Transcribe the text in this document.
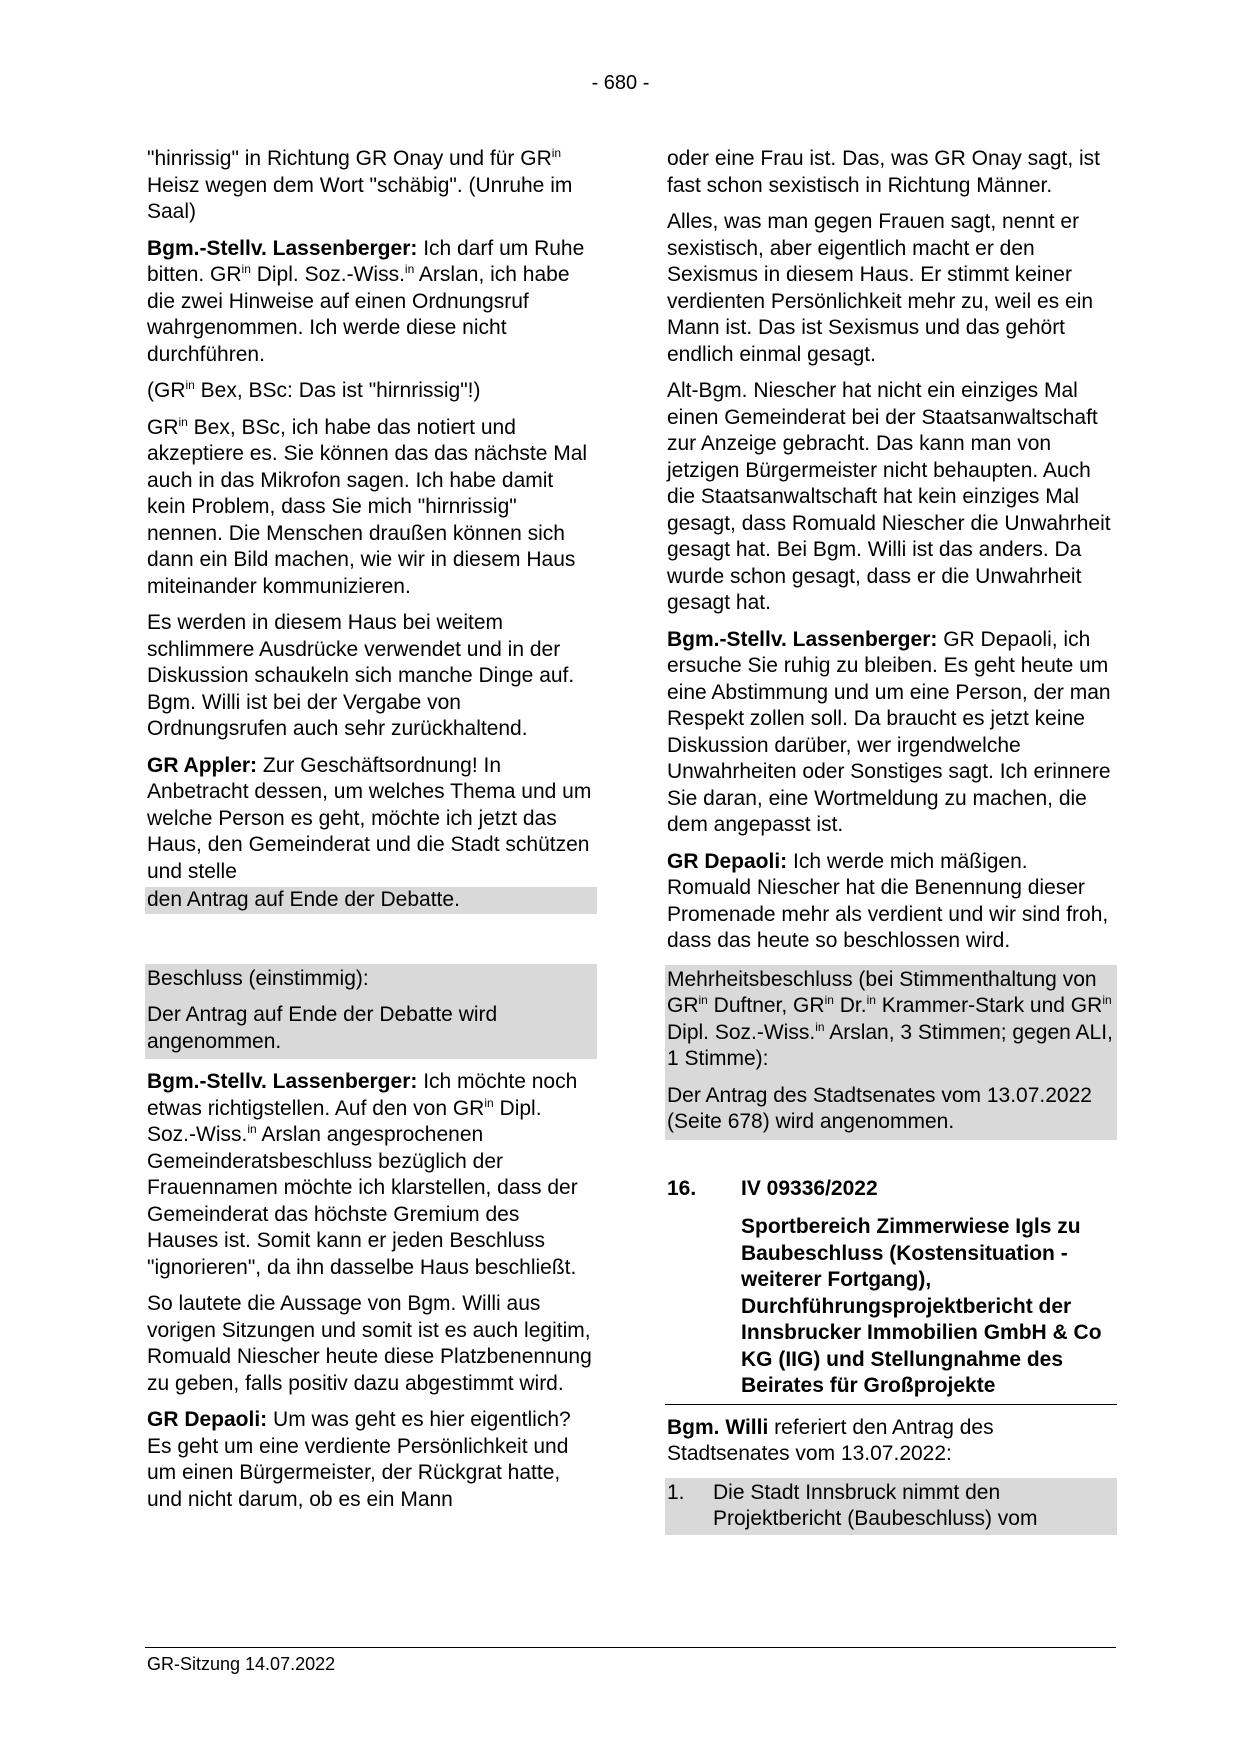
- 680 -

"hinrissig" in Richtung GR Onay und für $GR^{in}$ Heisz wegen dem Wort "schäbig". (Unruhe im Saal)

Bgm.-Stellv. Lassenberger: Ich darf um Ruhe bitten. $GR^{in}$ Dipl. Soz.-Wiss.$^{in}$ Arslan, ich habe die zwei Hinweise auf einen Ordnungsruf wahrgenommen. Ich werde diese nicht durchführen.

($GR^{in}$ Bex, BSc: Das ist "hirnrissig"!)

$GR^{in}$ Bex, BSc, ich habe das notiert und akzeptiere es. Sie können das das nächste Mal auch in das Mikrofon sagen. Ich habe damit kein Problem, dass Sie mich "hirnrissig" nennen. Die Menschen draußen können sich dann ein Bild machen, wie wir in diesem Haus miteinander kommunizieren.

Es werden in diesem Haus bei weitem schlimmere Ausdrücke verwendet und in der Diskussion schaukeln sich manche Dinge auf. Bgm. Willi ist bei der Vergabe von Ordnungsrufen auch sehr zurückhaltend.

GR Appler: Zur Geschäftsordnung! In Anbetracht dessen, um welches Thema und um welche Person es geht, möchte ich jetzt das Haus, den Gemeinderat und die Stadt schützen und stelle

den Antrag auf Ende der Debatte.

Beschluss (einstimmig):

Der Antrag auf Ende der Debatte wird angenommen.

Bgm.-Stellv. Lassenberger: Ich möchte noch etwas richtigstellen. Auf den von $GR^{in}$ Dipl. Soz.-Wiss.$^{in}$ Arslan angesprochenen Gemeinderatsbeschluss bezüglich der Frauennamen möchte ich klarstellen, dass der Gemeinderat das höchste Gremium des Hauses ist. Somit kann er jeden Beschluss "ignorieren", da ihn dasselbe Haus beschließt.

So lautete die Aussage von Bgm. Willi aus vorigen Sitzungen und somit ist es auch legitim, Romuald Niescher heute diese Platzbenennung zu geben, falls positiv dazu abgestimmt wird.

GR Depaoli: Um was geht es hier eigentlich? Es geht um eine verdiente Persönlichkeit und um einen Bürgermeister, der Rückgrat hatte, und nicht darum, ob es ein Mann

oder eine Frau ist. Das, was GR Onay sagt, ist fast schon sexistisch in Richtung Männer.

Alles, was man gegen Frauen sagt, nennt er sexistisch, aber eigentlich macht er den Sexismus in diesem Haus. Er stimmt keiner verdienten Persönlichkeit mehr zu, weil es ein Mann ist. Das ist Sexismus und das gehört endlich einmal gesagt.

Alt-Bgm. Niescher hat nicht ein einziges Mal einen Gemeinderat bei der Staatsanwaltschaft zur Anzeige gebracht. Das kann man von jetzigen Bürgermeister nicht behaupten. Auch die Staatsanwaltschaft hat kein einziges Mal gesagt, dass Romuald Niescher die Unwahrheit gesagt hat. Bei Bgm. Willi ist das anders. Da wurde schon gesagt, dass er die Unwahrheit gesagt hat.

Bgm.-Stellv. Lassenberger: GR Depaoli, ich ersuche Sie ruhig zu bleiben. Es geht heute um eine Abstimmung und um eine Person, der man Respekt zollen soll. Da braucht es jetzt keine Diskussion darüber, wer irgendwelche Unwahrheiten oder Sonstiges sagt. Ich erinnere Sie daran, eine Wortmeldung zu machen, die dem angepasst ist.

GR Depaoli: Ich werde mich mäßigen. Romuald Niescher hat die Benennung dieser Promenade mehr als verdient und wir sind froh, dass das heute so beschlossen wird.

Mehrheitsbeschluss (bei Stimmenthaltung von $GR^{in}$ Duftner, $GR^{in}$ Dr.$^{in}$ Krammer-Stark und $GR^{in}$ Dipl. Soz.-Wiss.$^{in}$ Arslan, 3 Stimmen; gegen ALI, 1 Stimme):

Der Antrag des Stadtsenates vom 13.07.2022 (Seite 678) wird angenommen.

16.	IV 09336/2022
Sportbereich Zimmerwiese Igls zu Baubeschluss (Kostensituation - weiterer Fortgang), Durchführungsprojektbericht der Innsbrucker Immobilien GmbH & Co KG (IIG) und Stellungnahme des Beirates für Großprojekte

Bgm. Willi referiert den Antrag des Stadtsenates vom 13.07.2022:

1.	Die Stadt Innsbruck nimmt den Projektbericht (Baubeschluss) vom
GR-Sitzung 14.07.2022
